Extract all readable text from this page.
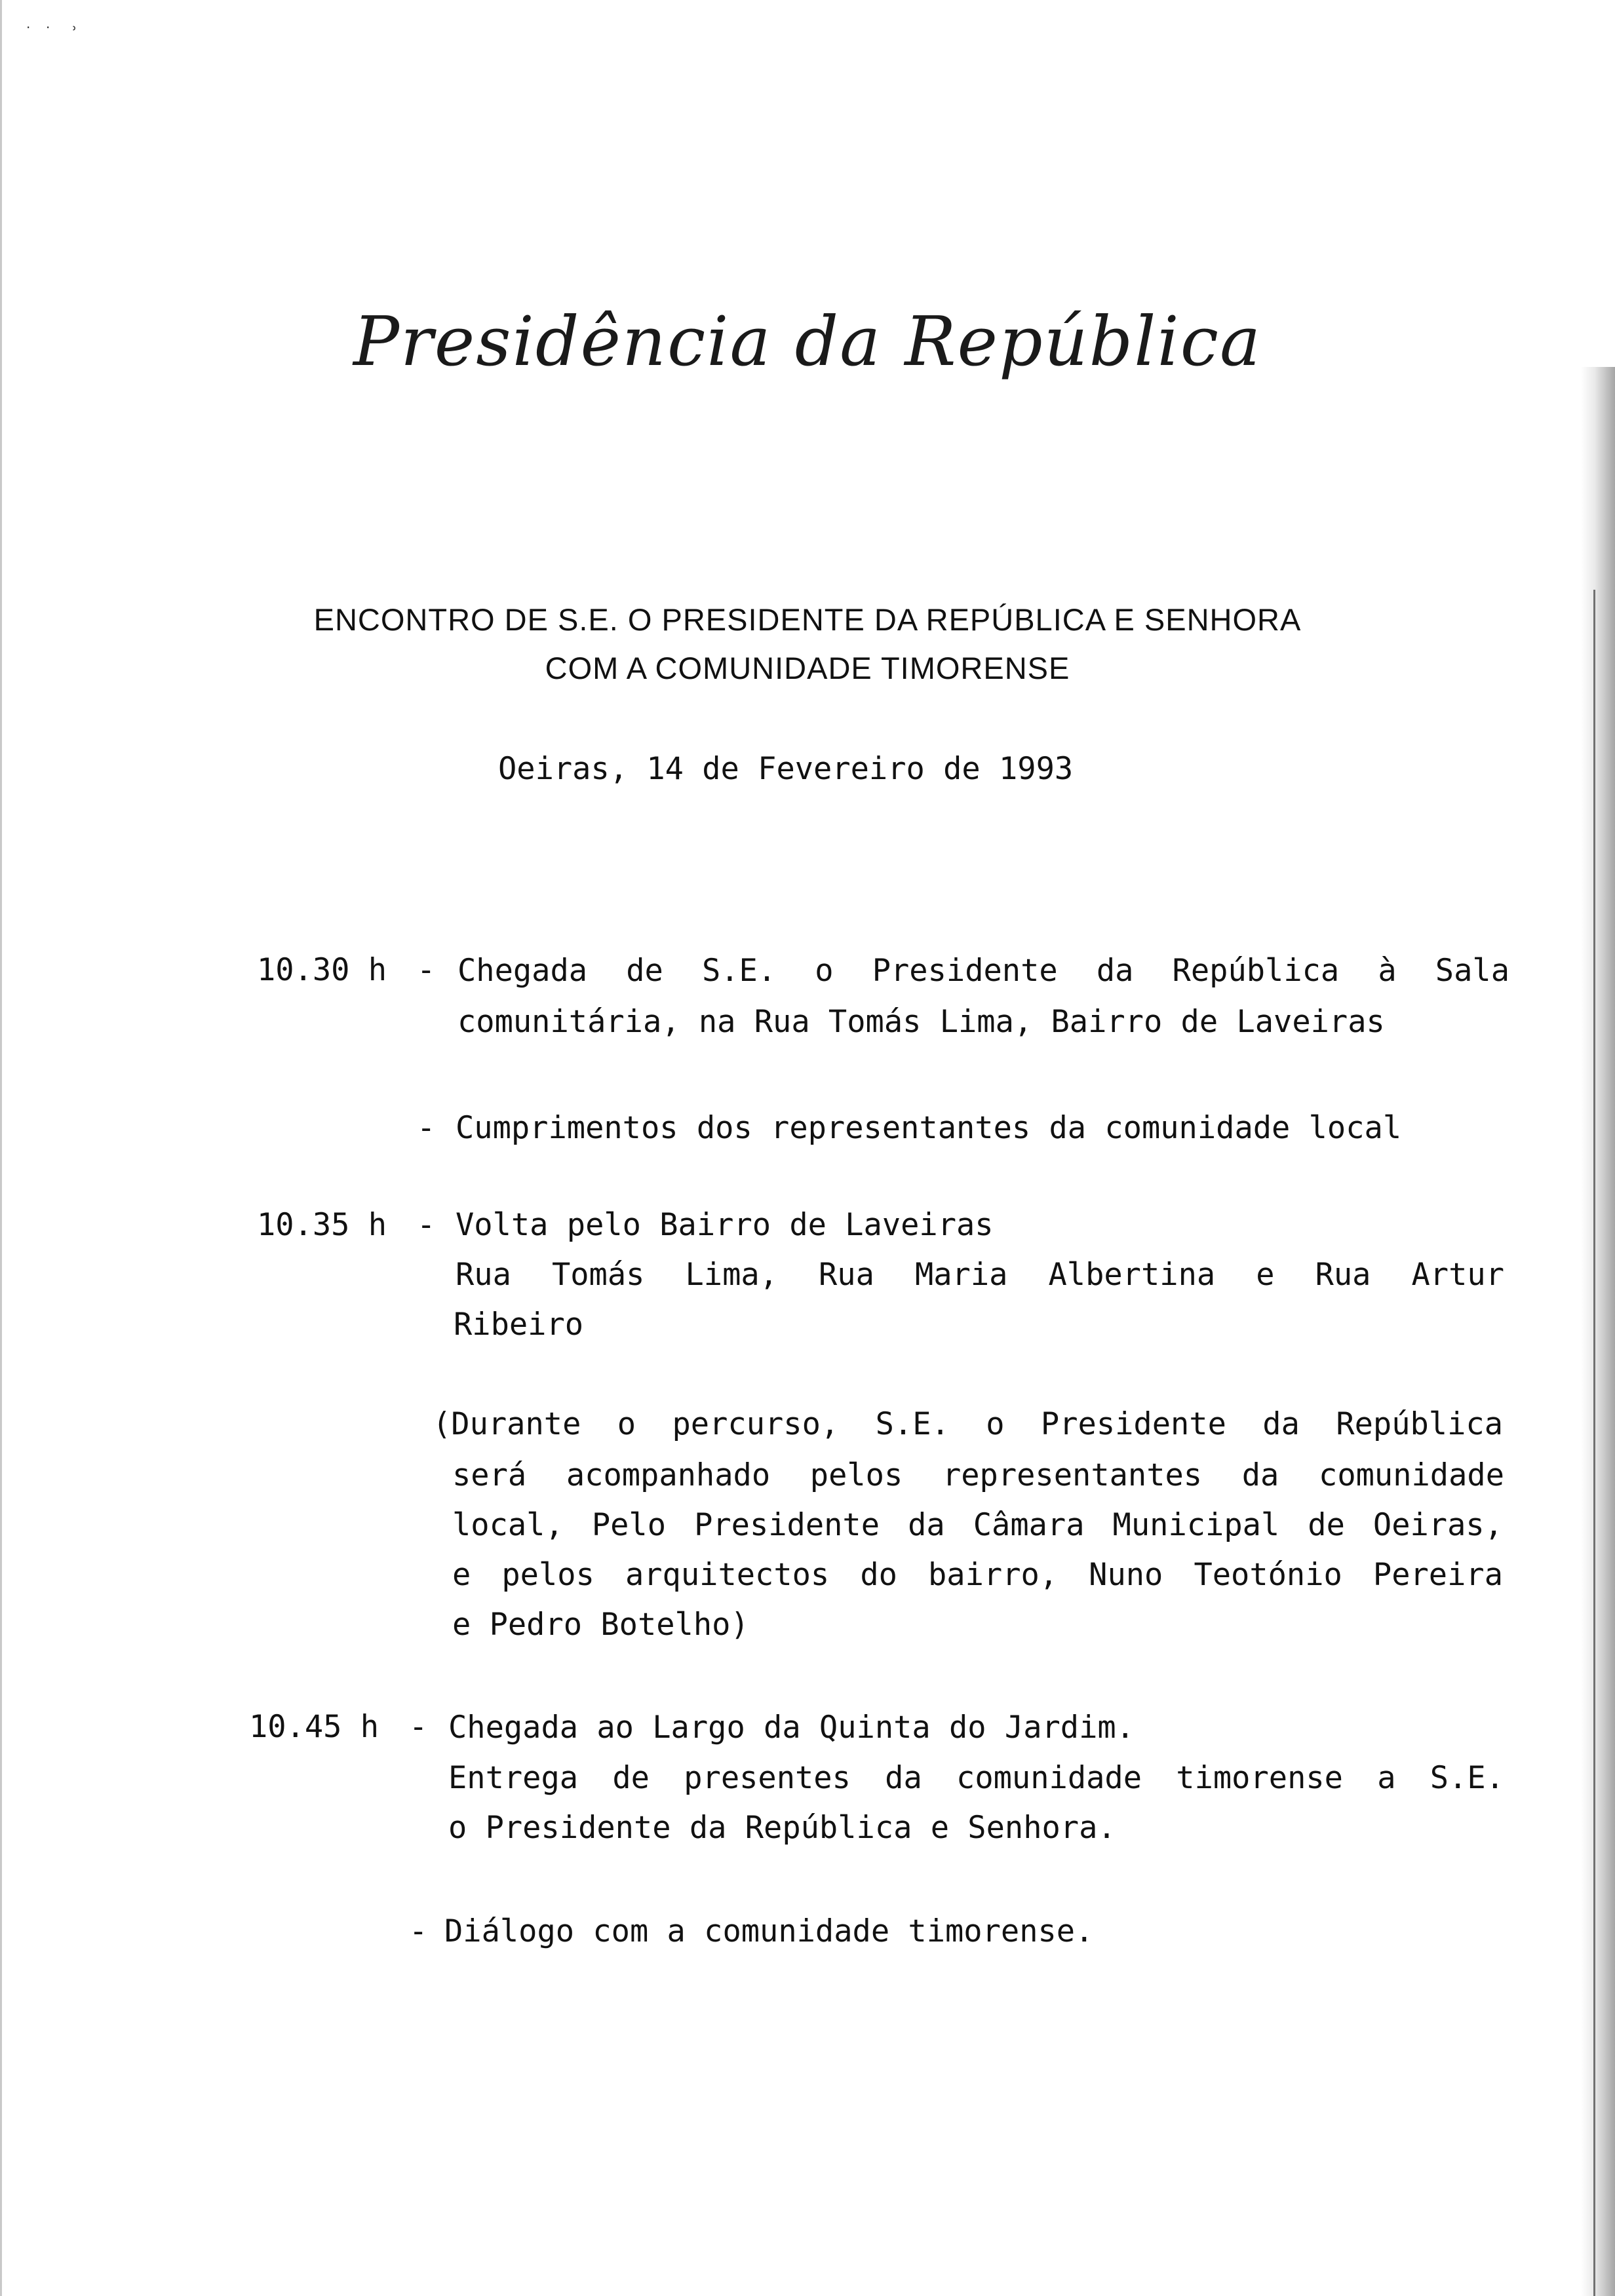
· · ˒
Presidência da República
ENCONTRO DE S.E. O PRESIDENTE DA REPÚBLICA E SENHORA
COM A COMUNIDADE TIMORENSE
Oeiras, 14 de Fevereiro de 1993
10.30 h - Chegada de S.E. o Presidente da República à Sala
comunitária, na Rua Tomás Lima, Bairro de Laveiras
- Cumprimentos dos representantes da comunidade local
10.35 h - Volta pelo Bairro de Laveiras
Rua Tomás Lima, Rua Maria Albertina e Rua Artur
Ribeiro
(Durante o percurso, S.E. o Presidente da República
será acompanhado pelos representantes da comunidade
local, Pelo Presidente da Câmara Municipal de Oeiras,
e pelos arquitectos do bairro, Nuno Teotónio Pereira
e Pedro Botelho)
10.45 h - Chegada ao Largo da Quinta do Jardim.
Entrega de presentes da comunidade timorense a S.E.
o Presidente da República e Senhora.
- Diálogo com a comunidade timorense.
